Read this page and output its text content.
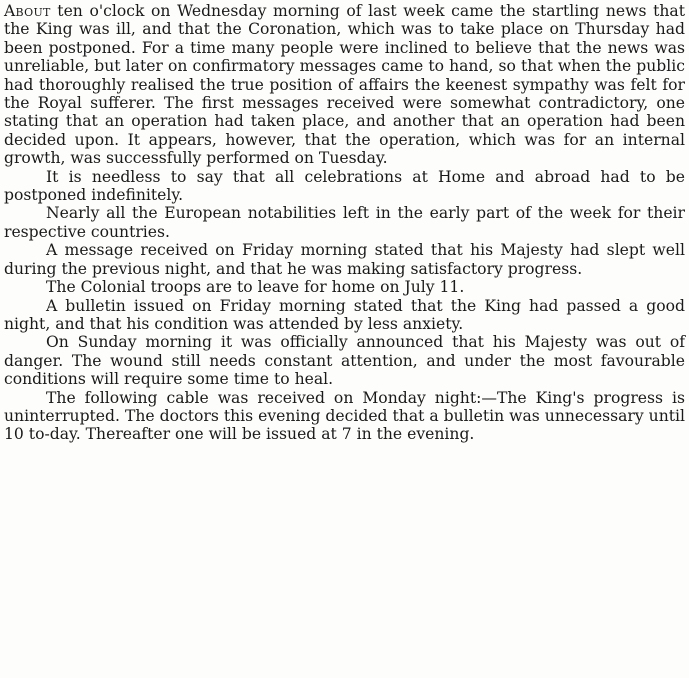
About ten o'clock on Wednesday morning of last week came the startling news that the King was ill, and that the Coronation, which was to take place on Thursday had been postponed. For a time many people were inclined to believe that the news was unreliable, but later on confirmatory messages came to hand, so that when the public had thoroughly realised the true position of affairs the keenest sympathy was felt for the Royal sufferer. The first messages received were somewhat contradictory, one stating that an operation had taken place, and another that an operation had been decided upon. It appears, however, that the operation, which was for an internal growth, was successfully performed on Tuesday.

It is needless to say that all celebrations at Home and abroad had to be postponed indefinitely.

Nearly all the European notabilities left in the early part of the week for their respective countries.

A message received on Friday morning stated that his Majesty had slept well during the previous night, and that he was making satisfactory progress.

The Colonial troops are to leave for home on July 11.

A bulletin issued on Friday morning stated that the King had passed a good night, and that his condition was attended by less anxiety.

On Sunday morning it was officially announced that his Majesty was out of danger. The wound still needs constant attention, and under the most favourable conditions will require some time to heal.

The following cable was received on Monday night:—The King's progress is uninterrupted. The doctors this evening decided that a bulletin was unnecessary until 10 to-day. Thereafter one will be issued at 7 in the evening.
